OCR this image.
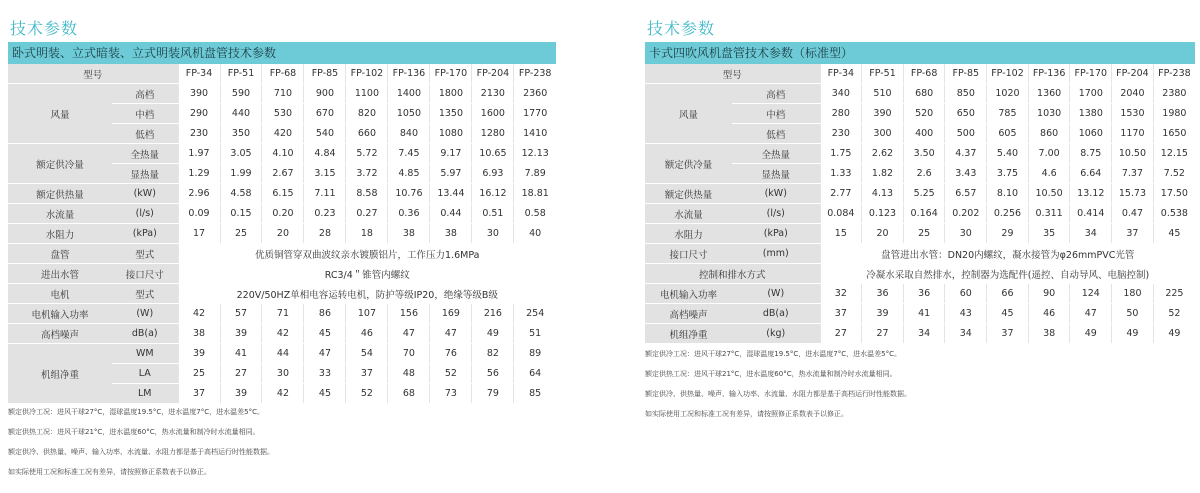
技术参数
卧式明装、立式暗装、立式明装风机盘管技术参数
型号		FP-34	FP-51	FP-68	FP-85	FP-102	FP-136	FP-170	FP-204	FP-238
风量	高档	390	590	710	900	1100	1400	1800	2130	2360
	中档	290	440	530	670	820	1050	1350	1600	1770
	低档	230	350	420	540	660	840	1080	1280	1410
额定供冷量	全热量	1.97	3.05	4.10	4.84	5.72	7.45	9.17	10.65	12.13
	显热量	1.29	1.99	2.67	3.15	3.72	4.85	5.97	6.93	7.89
额定供热量	(kW)	2.96	4.58	6.15	7.11	8.58	10.76	13.44	16.12	18.81
水流量	(l/s)	0.09	0.15	0.20	0.23	0.27	0.36	0.44	0.51	0.58
水阻力	(kPa)	17	25	20	28	18	38	38	30	40
盘管	型式	优质铜管穿双曲波纹亲水镀膜铝片，工作压力1.6MPa								
进出水管	接口尺寸	RC3/4＂锥管内螺纹								
电机	型式	220V/50HZ单相电容运转电机，防护等级IP20，绝缘等级B级								
电机输入功率	(W)	42	57	71	86	107	156	169	216	254
高档噪声	dB(a)	38	39	42	45	46	47	47	49	51
机组净重	WM	39	41	44	47	54	70	76	82	89
	LA	25	27	30	33	37	48	52	56	64
	LM	37	39	42	45	52	68	73	79	85
额定供冷工况：进风干球27°C，湿球温度19.5°C，进水温度7°C，进水温差5°C。
额定供热工况：进风干球21°C，进水温度60°C，热水流量和制冷时水流量相同。
额定供冷、供热量、噪声、输入功率、水流量、水阻力都是基于高档运行时性能数据。
如实际使用工况和标准工况有差异，请按照修正系数表予以修正。
技术参数
卡式四吹风机盘管技术参数（标准型）
型号		FP-34	FP-51	FP-68	FP-85	FP-102	FP-136	FP-170	FP-204	FP-238
风量	高档	340	510	680	850	1020	1360	1700	2040	2380
	中档	280	390	520	650	785	1030	1380	1530	1980
	低档	230	300	400	500	605	860	1060	1170	1650
额定供冷量	全热量	1.75	2.62	3.50	4.37	5.40	7.00	8.75	10.50	12.15
	显热量	1.33	1.82	2.6	3.43	3.75	4.6	6.64	7.37	7.52
额定供热量	(kW)	2.77	4.13	5.25	6.57	8.10	10.50	13.12	15.73	17.50
水流量	(l/s)	0.084	0.123	0.164	0.202	0.256	0.311	0.414	0.47	0.538
水阻力	(kPa)	15	20	25	30	29	35	34	37	45
接口尺寸	(mm)	盘管进出水管：DN20内螺纹，凝水接管为φ26mmPVC光管								
控制和排水方式		冷凝水采取自然排水，控制器为选配件(遥控、自动导风、电脑控制)								
电机输入功率	(W)	32	36	36	60	66	90	124	180	225
高档噪声	dB(a)	37	39	41	43	45	46	47	50	52
机组净重	(kg)	27	27	34	34	37	38	49	49	49
额定供冷工况：进风干球27°C，湿球温度19.5°C，进水温度7°C，进水温差5°C。
额定供热工况：进风干球21°C，进水温度60°C，热水流量和制冷时水流量相同。
额定供冷、供热量、噪声、输入功率、水流量、水阻力都是基于高档运行时性能数据。
如实际使用工况和标准工况有差异，请按照修正系数表予以修正。
